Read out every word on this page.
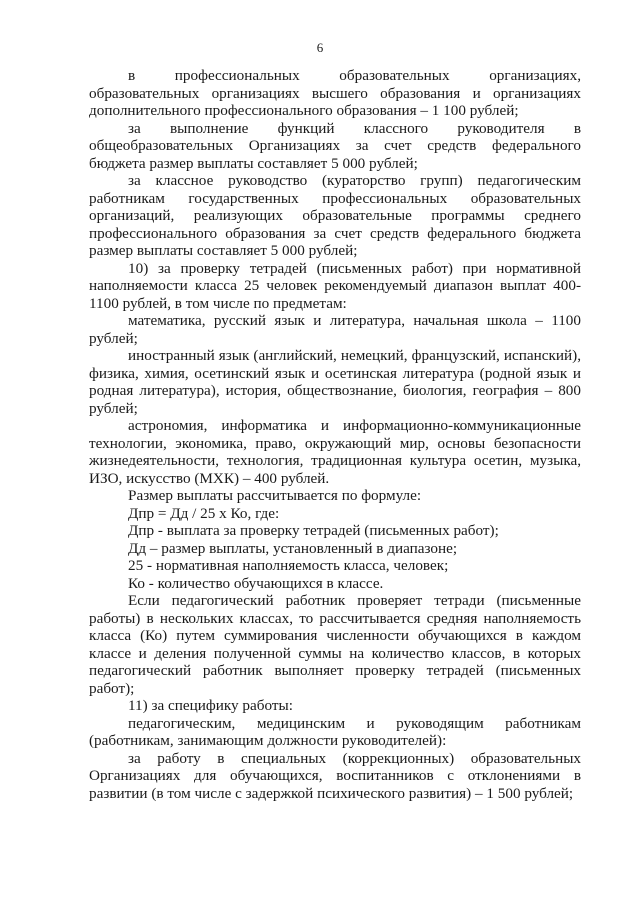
6

в профессиональных образовательных организациях, образовательных организациях высшего образования и организациях дополнительного профессионального образования – 1 100 рублей;

за выполнение функций классного руководителя в общеобразовательных Организациях за счет средств федерального бюджета размер выплаты составляет 5 000 рублей;

за классное руководство (кураторство групп) педагогическим работникам государственных профессиональных образовательных организаций, реализующих образовательные программы среднего профессионального образования за счет средств федерального бюджета размер выплаты составляет 5 000 рублей;

10) за проверку тетрадей (письменных работ) при нормативной наполняемости класса 25 человек рекомендуемый диапазон выплат 400-1100 рублей, в том числе по предметам:

математика, русский язык и литература, начальная школа – 1100 рублей;

иностранный язык (английский, немецкий, французский, испанский), физика, химия, осетинский язык и осетинская литература (родной язык и родная литература), история, обществознание, биология, география – 800 рублей;

астрономия, информатика и информационно-коммуникационные технологии, экономика, право, окружающий мир, основы безопасности жизнедеятельности, технология, традиционная культура осетин, музыка, ИЗО, искусство (МХК) – 400 рублей.

Размер выплаты рассчитывается по формуле:

Дпр = Дд / 25 x Ко, где:

Дпр - выплата за проверку тетрадей (письменных работ);

Дд – размер выплаты, установленный в диапазоне;

25 - нормативная наполняемость класса, человек;

Ко - количество обучающихся в классе.

Если педагогический работник проверяет тетради (письменные работы) в нескольких классах, то рассчитывается средняя наполняемость класса (Ко) путем суммирования численности обучающихся в каждом классе и деления полученной суммы на количество классов, в которых педагогический работник выполняет проверку тетрадей (письменных работ);

11) за специфику работы:

педагогическим, медицинским и руководящим работникам (работникам, занимающим должности руководителей):

за работу в специальных (коррекционных) образовательных Организациях для обучающихся, воспитанников с отклонениями в развитии (в том числе с задержкой психического развития) – 1 500 рублей;
